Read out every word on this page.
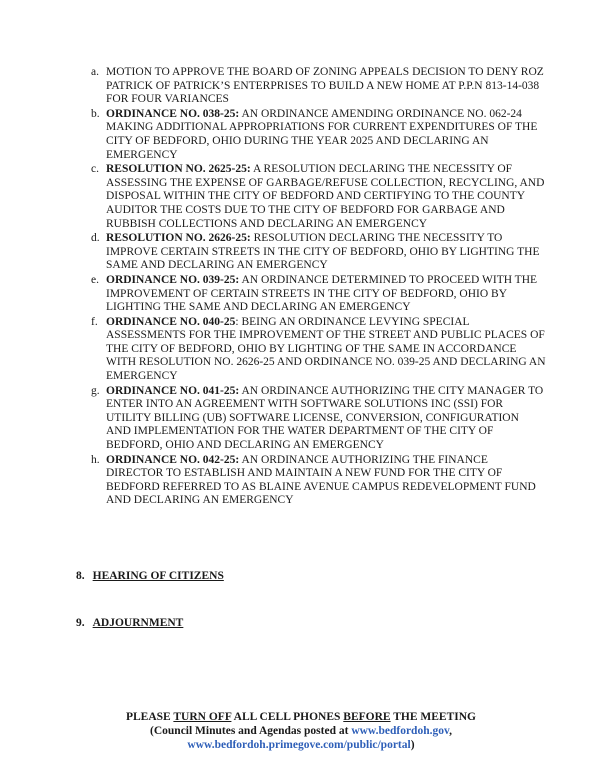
a. MOTION TO APPROVE THE BOARD OF ZONING APPEALS DECISION TO DENY ROZ PATRICK OF PATRICK’S ENTERPRISES TO BUILD A NEW HOME AT P.P.N 813-14-038 FOR FOUR VARIANCES
b. ORDINANCE NO. 038-25: AN ORDINANCE AMENDING ORDINANCE NO. 062-24 MAKING ADDITIONAL APPROPRIATIONS FOR CURRENT EXPENDITURES OF THE CITY OF BEDFORD, OHIO DURING THE YEAR 2025 AND DECLARING AN EMERGENCY
c. RESOLUTION NO. 2625-25: A RESOLUTION DECLARING THE NECESSITY OF ASSESSING THE EXPENSE OF GARBAGE/REFUSE COLLECTION, RECYCLING, AND DISPOSAL WITHIN THE CITY OF BEDFORD AND CERTIFYING TO THE COUNTY AUDITOR THE COSTS DUE TO THE CITY OF BEDFORD FOR GARBAGE AND RUBBISH COLLECTIONS AND DECLARING AN EMERGENCY
d. RESOLUTION NO. 2626-25: RESOLUTION DECLARING THE NECESSITY TO IMPROVE CERTAIN STREETS IN THE CITY OF BEDFORD, OHIO BY LIGHTING THE SAME AND DECLARING AN EMERGENCY
e. ORDINANCE NO. 039-25: AN ORDINANCE DETERMINED TO PROCEED WITH THE IMPROVEMENT OF CERTAIN STREETS IN THE CITY OF BEDFORD, OHIO BY LIGHTING THE SAME AND DECLARING AN EMERGENCY
f. ORDINANCE NO. 040-25: BEING AN ORDINANCE LEVYING SPECIAL ASSESSMENTS FOR THE IMPROVEMENT OF THE STREET AND PUBLIC PLACES OF THE CITY OF BEDFORD, OHIO BY LIGHTING OF THE SAME IN ACCORDANCE WITH RESOLUTION NO. 2626-25 AND ORDINANCE NO. 039-25 AND DECLARING AN EMERGENCY
g. ORDINANCE NO. 041-25: AN ORDINANCE AUTHORIZING THE CITY MANAGER TO ENTER INTO AN AGREEMENT WITH SOFTWARE SOLUTIONS INC (SSI) FOR UTILITY BILLING (UB) SOFTWARE LICENSE, CONVERSION, CONFIGURATION AND IMPLEMENTATION FOR THE WATER DEPARTMENT OF THE CITY OF BEDFORD, OHIO AND DECLARING AN EMERGENCY
h. ORDINANCE NO. 042-25: AN ORDINANCE AUTHORIZING THE FINANCE DIRECTOR TO ESTABLISH AND MAINTAIN A NEW FUND FOR THE CITY OF BEDFORD REFERRED TO AS BLAINE AVENUE CAMPUS REDEVELOPMENT FUND AND DECLARING AN EMERGENCY
8. HEARING OF CITIZENS
9. ADJOURNMENT
PLEASE TURN OFF ALL CELL PHONES BEFORE THE MEETING
(Council Minutes and Agendas posted at www.bedfordoh.gov,
www.bedfordoh.primegove.com/public/portal)
